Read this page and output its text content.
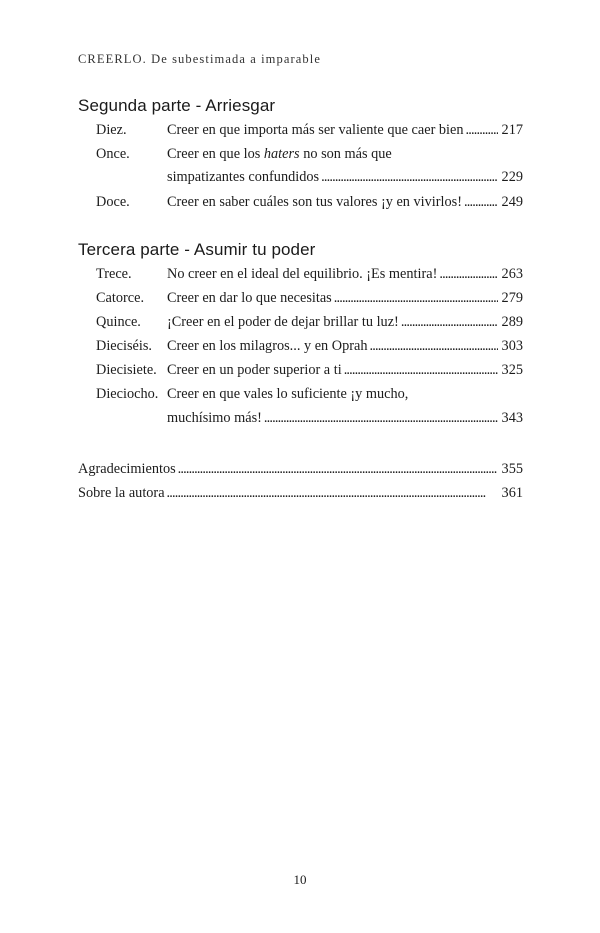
CREERLO. De subestimada a imparable
Segunda parte - Arriesgar
Diez.	Creer en que importa más ser valiente que caer bien . . .	217
Once.	Creer en que los haters no son más que
simpatizantes confundidos . . .	229
Doce.	Creer en saber cuáles son tus valores ¡y en vivirlos! . . .	249
Tercera parte - Asumir tu poder
Trece. No creer en el ideal del equilibrio. ¡Es mentira! . . .	263
Catorce. Creer en dar lo que necesitas . . .	279
Quince. ¡Creer en el poder de dejar brillar tu luz! . . .	289
Dieciséis. Creer en los milagros... y en Oprah . . .	303
Diecisiete. Creer en un poder superior a ti . . .	325
Dieciocho. Creer en que vales lo suficiente ¡y mucho,
muchísimo más! . . .	343
Agradecimientos . . .	355
Sobre la autora . . .	361
10
